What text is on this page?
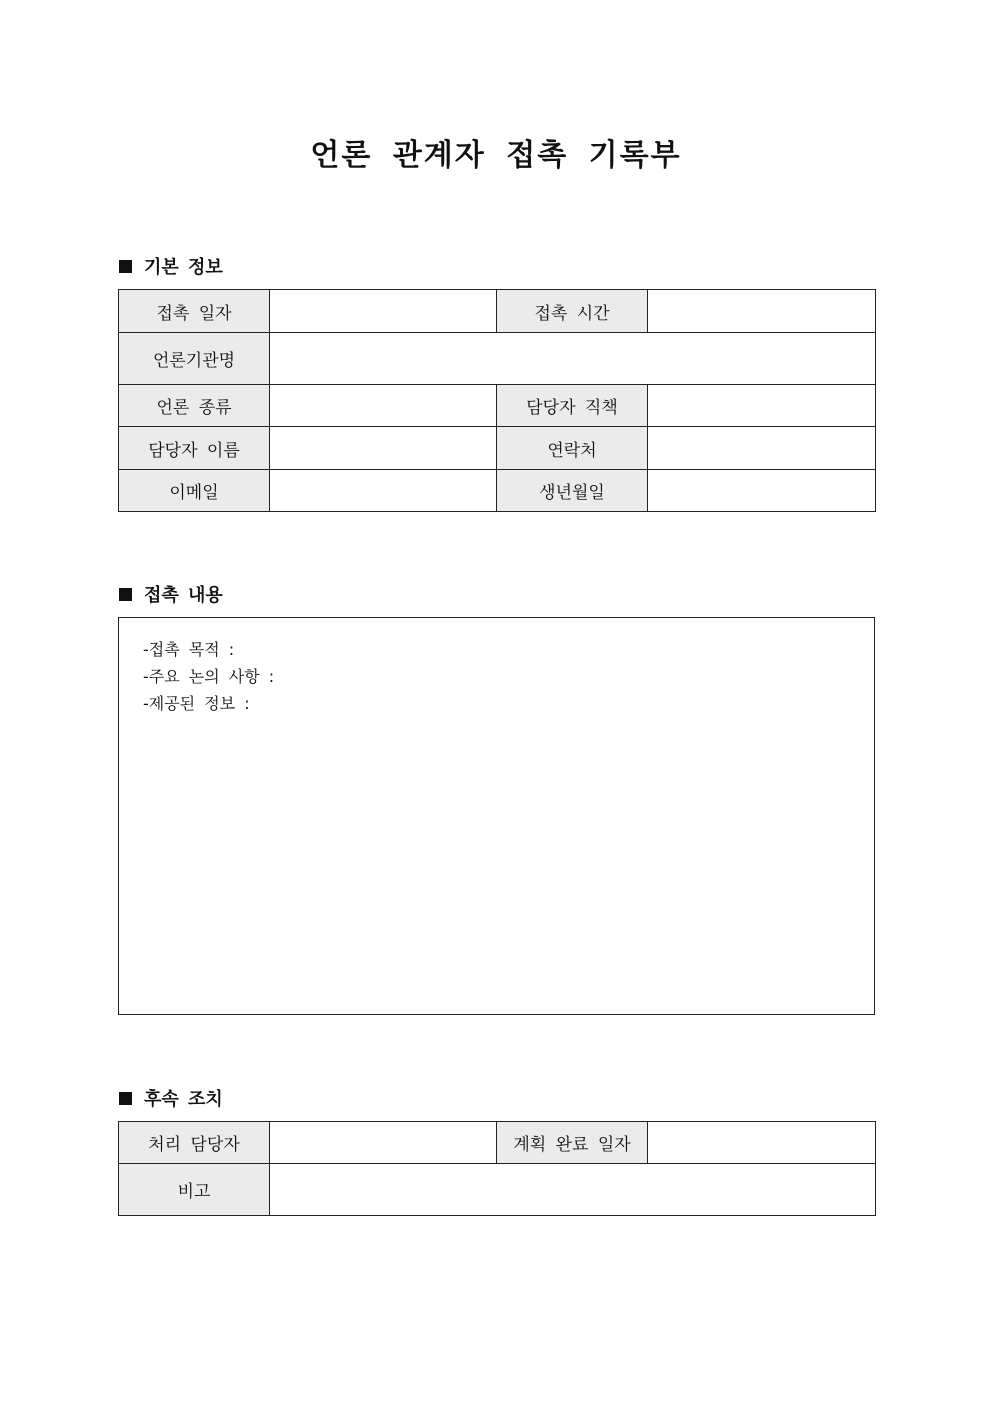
언론 관계자 접촉 기록부
기본 정보
접촉 일자		접촉 시간	
언론기관명			
언론 종류		담당자 직책	
담당자 이름		연락처	
이메일		생년월일	
접촉 내용
-접촉 목적 :
-주요 논의 사항 :
-제공된 정보 :
후속 조치
처리 담당자		계획 완료 일자	
비고			
